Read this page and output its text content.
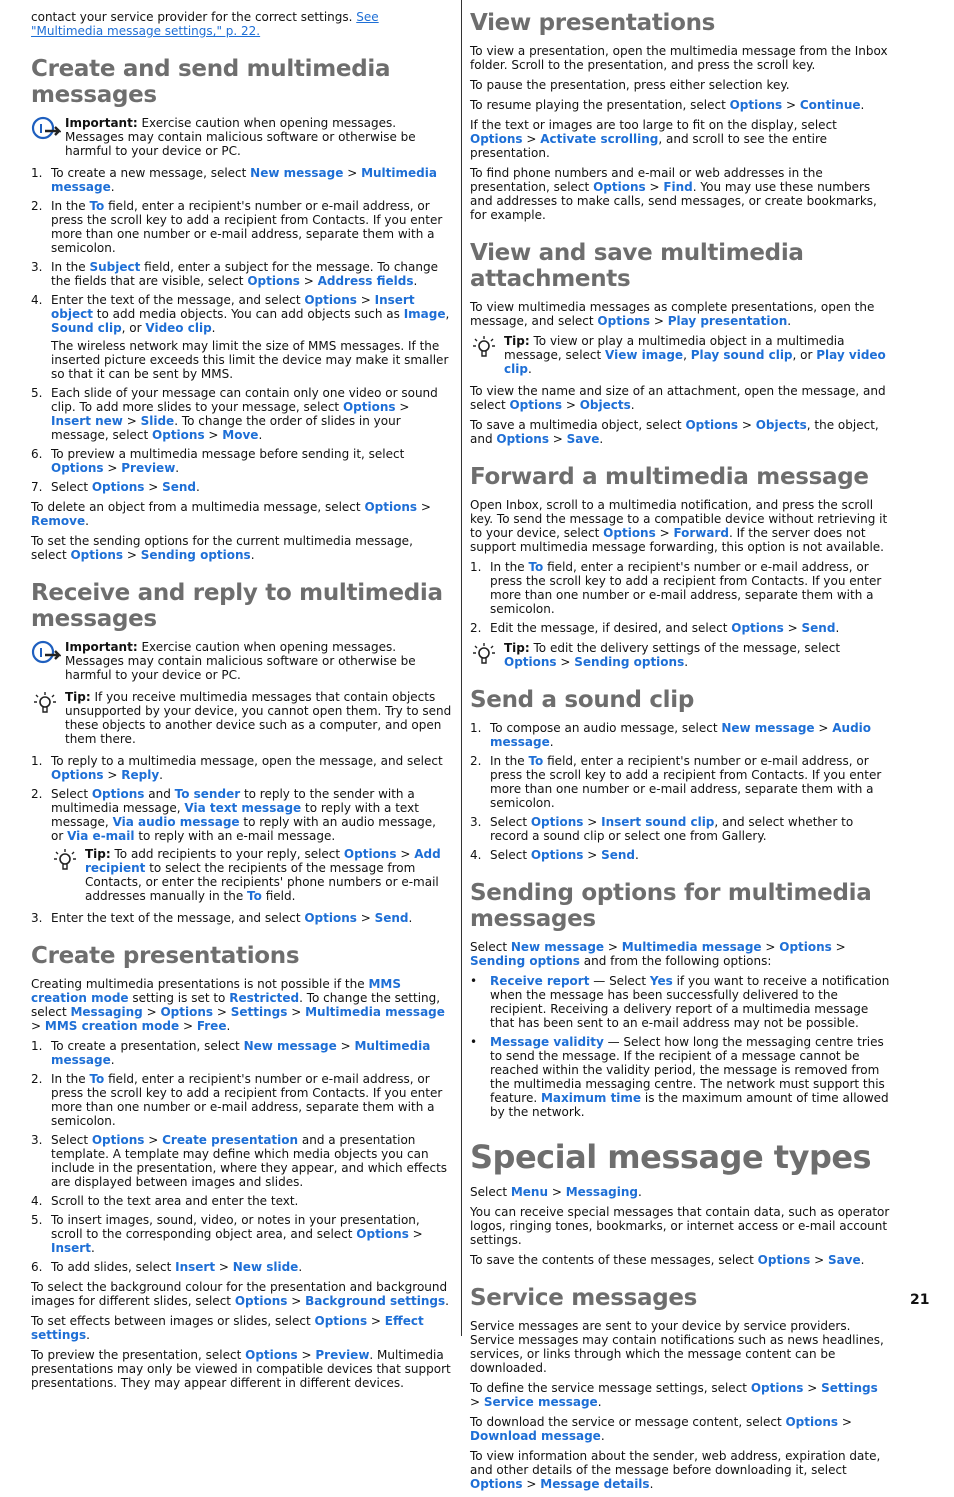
contact your service provider for the correct settings. See "Multimedia message settings," p. 22.

Create and send multimedia messages
Important: Exercise caution when opening messages. Messages may contain malicious software or otherwise be harmful to your device or PC.
1. To create a new message, select New message > Multimedia message.
2. In the To field, enter a recipient's number or e-mail address, or press the scroll key to add a recipient from Contacts. If you enter more than one number or e-mail address, separate them with a semicolon.
3. In the Subject field, enter a subject for the message. To change the fields that are visible, select Options > Address fields.
4. Enter the text of the message, and select Options > Insert object to add media objects. You can add objects such as Image, Sound clip, or Video clip.
The wireless network may limit the size of MMS messages. If the inserted picture exceeds this limit the device may make it smaller so that it can be sent by MMS.
5. Each slide of your message can contain only one video or sound clip. To add more slides to your message, select Options > Insert new > Slide. To change the order of slides in your message, select Options > Move.
6. To preview a multimedia message before sending it, select Options > Preview.
7. Select Options > Send.

To delete an object from a multimedia message, select Options > Remove.

To set the sending options for the current multimedia message, select Options > Sending options.

Receive and reply to multimedia messages
Important: Exercise caution when opening messages. Messages may contain malicious software or otherwise be harmful to your device or PC.
Tip: If you receive multimedia messages that contain objects unsupported by your device, you cannot open them. Try to send these objects to another device such as a computer, and open them there.
1. To reply to a multimedia message, open the message, and select Options > Reply.
2. Select Options and To sender to reply to the sender with a multimedia message, Via text message to reply with a text message, Via audio message to reply with an audio message, or Via e-mail to reply with an e-mail message.
Tip: To add recipients to your reply, select Options > Add recipient to select the recipients of the message from Contacts, or enter the recipients' phone numbers or e-mail addresses manually in the To field.
3. Enter the text of the message, and select Options > Send.
Create presentations

Creating multimedia presentations is not possible if the MMS creation mode setting is set to Restricted. To change the setting, select Messaging > Options > Settings > Multimedia message > MMS creation mode > Free.

1. To create a presentation, select New message > Multimedia message.
2. In the To field, enter a recipient's number or e-mail address, or press the scroll key to add a recipient from Contacts. If you enter more than one number or e-mail address, separate them with a semicolon.
3. Select Options > Create presentation and a presentation template. A template may define which media objects you can include in the presentation, where they appear, and which effects are displayed between images and slides.
4. Scroll to the text area and enter the text.
5. To insert images, sound, video, or notes in your presentation, scroll to the corresponding object area, and select Options > Insert.
6. To add slides, select Insert > New slide.

To select the background colour for the presentation and background images for different slides, select Options > Background settings.

To set effects between images or slides, select Options > Effect settings.

To preview the presentation, select Options > Preview. Multimedia presentations may only be viewed in compatible devices that support presentations. They may appear different in different devices.

View presentations

To view a presentation, open the multimedia message from the Inbox folder. Scroll to the presentation, and press the scroll key.

To pause the presentation, press either selection key.

To resume playing the presentation, select Options > Continue.

If the text or images are too large to fit on the display, select Options > Activate scrolling, and scroll to see the entire presentation.

To find phone numbers and e-mail or web addresses in the presentation, select Options > Find. You may use these numbers and addresses to make calls, send messages, or create bookmarks, for example.

View and save multimedia attachments

To view multimedia messages as complete presentations, open the message, and select Options > Play presentation.

Tip: To view or play a multimedia object in a multimedia message, select View image, Play sound clip, or Play video clip.

To view the name and size of an attachment, open the message, and select Options > Objects.

To save a multimedia object, select Options > Objects, the object, and Options > Save.

Forward a multimedia message

Open Inbox, scroll to a multimedia notification, and press the scroll key. To send the message to a compatible device without retrieving it to your device, select Options > Forward. If the server does not support multimedia message forwarding, this option is not available.

1. In the To field, enter a recipient's number or e-mail address, or press the scroll key to add a recipient from Contacts. If you enter more than one number or e-mail address, separate them with a semicolon.
2. Edit the message, if desired, and select Options > Send.
Tip: To edit the delivery settings of the message, select Options > Sending options.
Send a sound clip
1. To compose an audio message, select New message > Audio message.
2. In the To field, enter a recipient's number or e-mail address, or press the scroll key to add a recipient from Contacts. If you enter more than one number or e-mail address, separate them with a semicolon.
3. Select Options > Insert sound clip, and select whether to record a sound clip or select one from Gallery.
4. Select Options > Send.
Sending options for multimedia messages

Select New message > Multimedia message > Options > Sending options and from the following options:

• Receive report — Select Yes if you want to receive a notification when the message has been successfully delivered to the recipient. Receiving a delivery report of a multimedia message that has been sent to an e-mail address may not be possible.
• Message validity — Select how long the messaging centre tries to send the message. If the recipient of a message cannot be reached within the validity period, the message is removed from the multimedia messaging centre. The network must support this feature. Maximum time is the maximum amount of time allowed by the network.
Special message types

Select Menu > Messaging.

You can receive special messages that contain data, such as operator logos, ringing tones, bookmarks, or internet access or e-mail account settings.

To save the contents of these messages, select Options > Save.

Service messages

Service messages are sent to your device by service providers. Service messages may contain notifications such as news headlines, services, or links through which the message content can be downloaded.

To define the service message settings, select Options > Settings > Service message.

To download the service or message content, select Options > Download message.

To view information about the sender, web address, expiration date, and other details of the message before downloading it, select Options > Message details.

21
